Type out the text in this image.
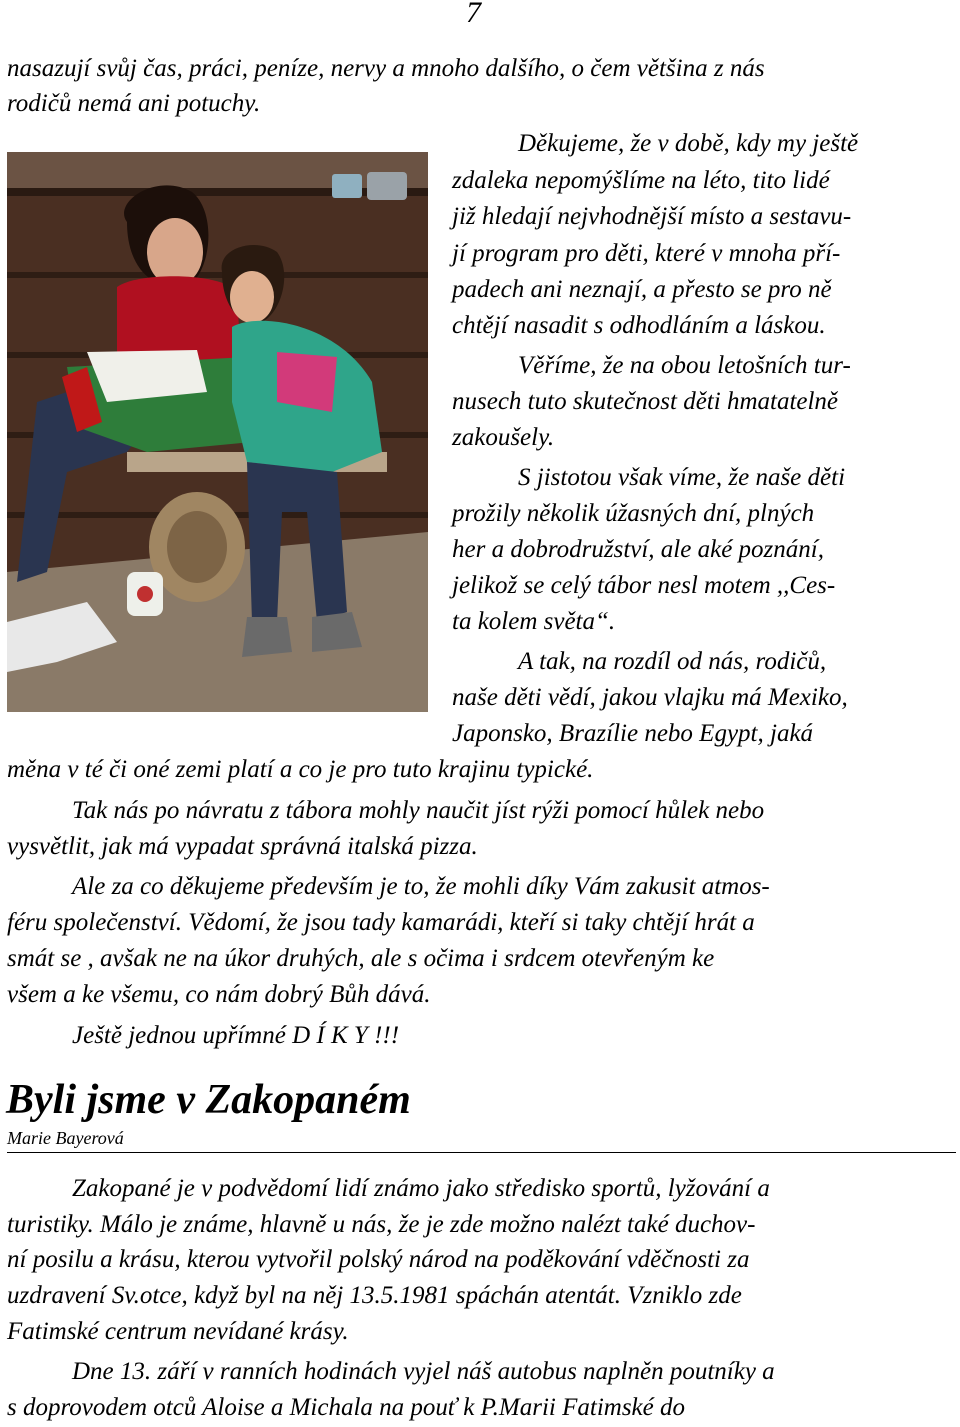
7
nasazují svůj čas, práci, peníze, nervy a mnoho dalšího, o čem většina z nás
rodičů nemá ani potuchy.
Děkujeme, že v době, kdy my ještě
zdaleka nepomýšlíme na léto, tito lidé
již hledají nejvhodnější místo a sestavu-
jí program pro děti, které v mnoha pří-
padech ani neznají, a přesto se pro ně
chtějí nasadit s odhodláním a láskou.
Věříme, že na obou letošních tur-
nusech tuto skutečnost děti hmatatelně
zakoušely.
S jistotou však víme, že naše děti
prožily několik úžasných dní, plných
her a dobrodružství, ale aké poznání,
jelikož se celý tábor nesl motem ,,Ces-
ta kolem světa“.
A tak, na rozdíl od nás, rodičů,
naše děti vědí, jakou vlajku má Mexiko,
Japonsko, Brazílie nebo Egypt, jaká
měna v té či oné zemi platí a co je pro tuto krajinu typické.
Tak nás po návratu z tábora mohly naučit jíst rýži pomocí hůlek nebo
vysvětlit, jak má vypadat správná italská pizza.
Ale za co děkujeme především je to, že mohli díky Vám zakusit atmos-
féru společenství. Vědomí, že jsou tady kamarádi, kteří si taky chtějí hrát a
smát se , avšak ne na úkor druhých, ale s očima i srdcem otevřeným ke
všem a ke všemu, co nám dobrý Bůh dává.
Ještě jednou upřímné D Í K Y !!!
Byli jsme v Zakopaném
Marie Bayerová
Zakopané je v podvědomí lidí známo jako středisko sportů, lyžování a
turistiky. Málo je známe, hlavně u nás, že je zde možno nalézt také duchov-
ní posilu a krásu, kterou vytvořil polský národ na poděkování vděčnosti za
uzdravení Sv.otce, když byl na něj 13.5.1981 spáchán atentát. Vzniklo zde
Fatimské centrum nevídané krásy.
Dne 13. září v ranních hodinách vyjel náš autobus naplněn poutníky a
s doprovodem otců Aloise a Michala na pouť k P.Marii Fatimské do
